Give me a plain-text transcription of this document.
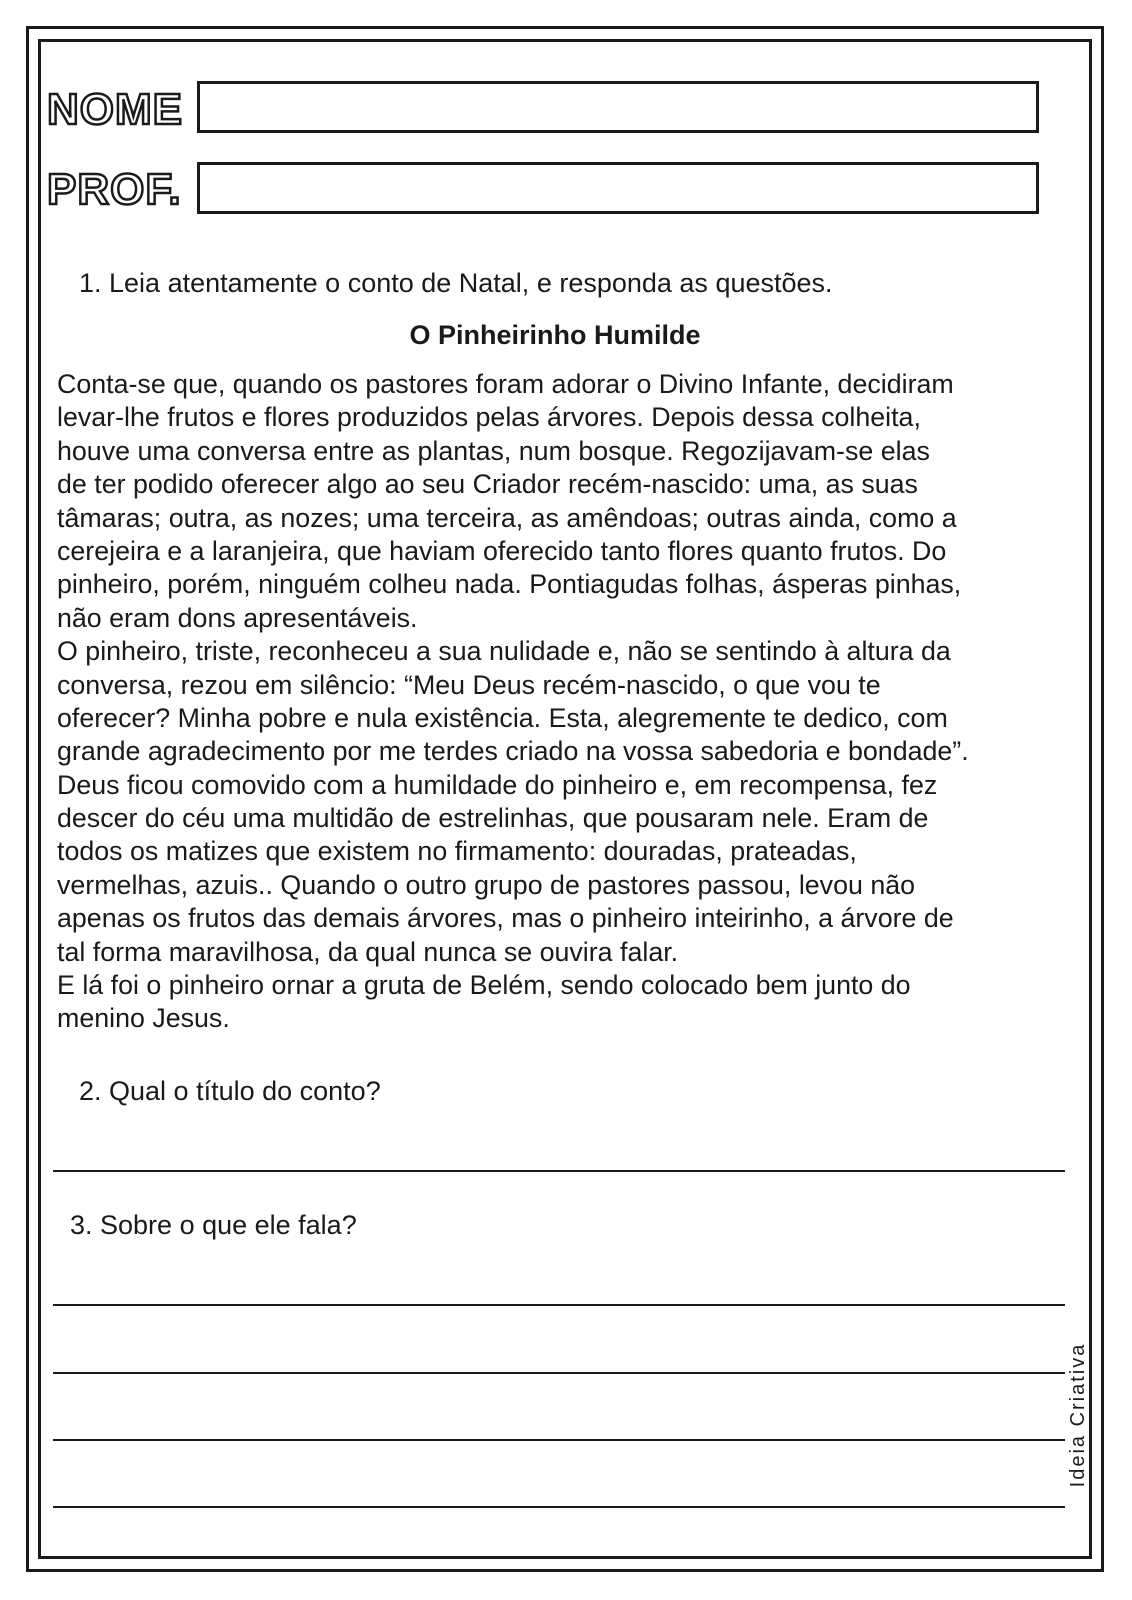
NOME
PROF.
1. Leia atentamente o conto de Natal, e responda as questões.
O Pinheirinho Humilde
Conta-se que, quando os pastores foram adorar o Divino Infante, decidiram
levar-lhe frutos e flores produzidos pelas árvores. Depois dessa colheita,
houve uma conversa entre as plantas, num bosque. Regozijavam-se elas
de ter podido oferecer algo ao seu Criador recém-nascido: uma, as suas
tâmaras; outra, as nozes; uma terceira, as amêndoas; outras ainda, como a
cerejeira e a laranjeira, que haviam oferecido tanto flores quanto frutos. Do
pinheiro, porém, ninguém colheu nada. Pontiagudas folhas, ásperas pinhas,
não eram dons apresentáveis.
O pinheiro, triste, reconheceu a sua nulidade e, não se sentindo à altura da
conversa, rezou em silêncio: “Meu Deus recém-nascido, o que vou te
oferecer? Minha pobre e nula existência. Esta, alegremente te dedico, com
grande agradecimento por me terdes criado na vossa sabedoria e bondade”.
Deus ficou comovido com a humildade do pinheiro e, em recompensa, fez
descer do céu uma multidão de estrelinhas, que pousaram nele. Eram de
todos os matizes que existem no firmamento: douradas, prateadas,
vermelhas, azuis.. Quando o outro grupo de pastores passou, levou não
apenas os frutos das demais árvores, mas o pinheiro inteirinho, a árvore de
tal forma maravilhosa, da qual nunca se ouvira falar.
E lá foi o pinheiro ornar a gruta de Belém, sendo colocado bem junto do
menino Jesus.
2. Qual o título do conto?
3. Sobre o que ele fala?
Ideia Criativa
